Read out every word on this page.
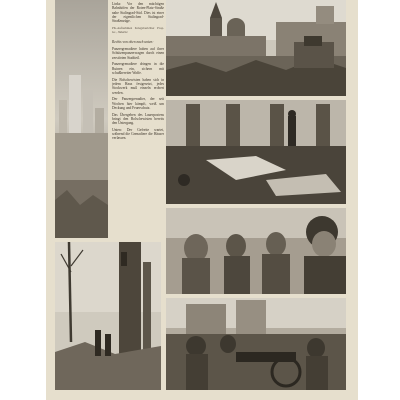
Links: Vor den mächtigen Bahnhöfen der Roten-Platz-Straße nahe Stalingrad-Süd. Dies ist einer der eigentlichen Stalingrad-Straßenzüge.

PK-Aufnahmen Kriegsberichter Prop. Gr., Jüderitz

Rechts von oben nach unten:

Panzergrenadiere haben auf ihrer Schützenpanzerwagen durch einen zerstörten Stadtteil.

Panzergrenadiere dringen in die Ruinen ein, sichern mit schußbereiter Waffe.

Die Bolschewisten haben sich in jedem Haus festgesetzt, jedes Stockwerk muß einzeln erobert werden.

Der Panzergrenadier, der seit Wochen hier kämpft, weiß um Deckung und Feuerschutz.

Das Übergehen des Lauerpostens bringt den Bolschewisten bereits den Untergang.

Unten: Der Gefreite wartet, während die Grenadiere die Häuser verlassen.
